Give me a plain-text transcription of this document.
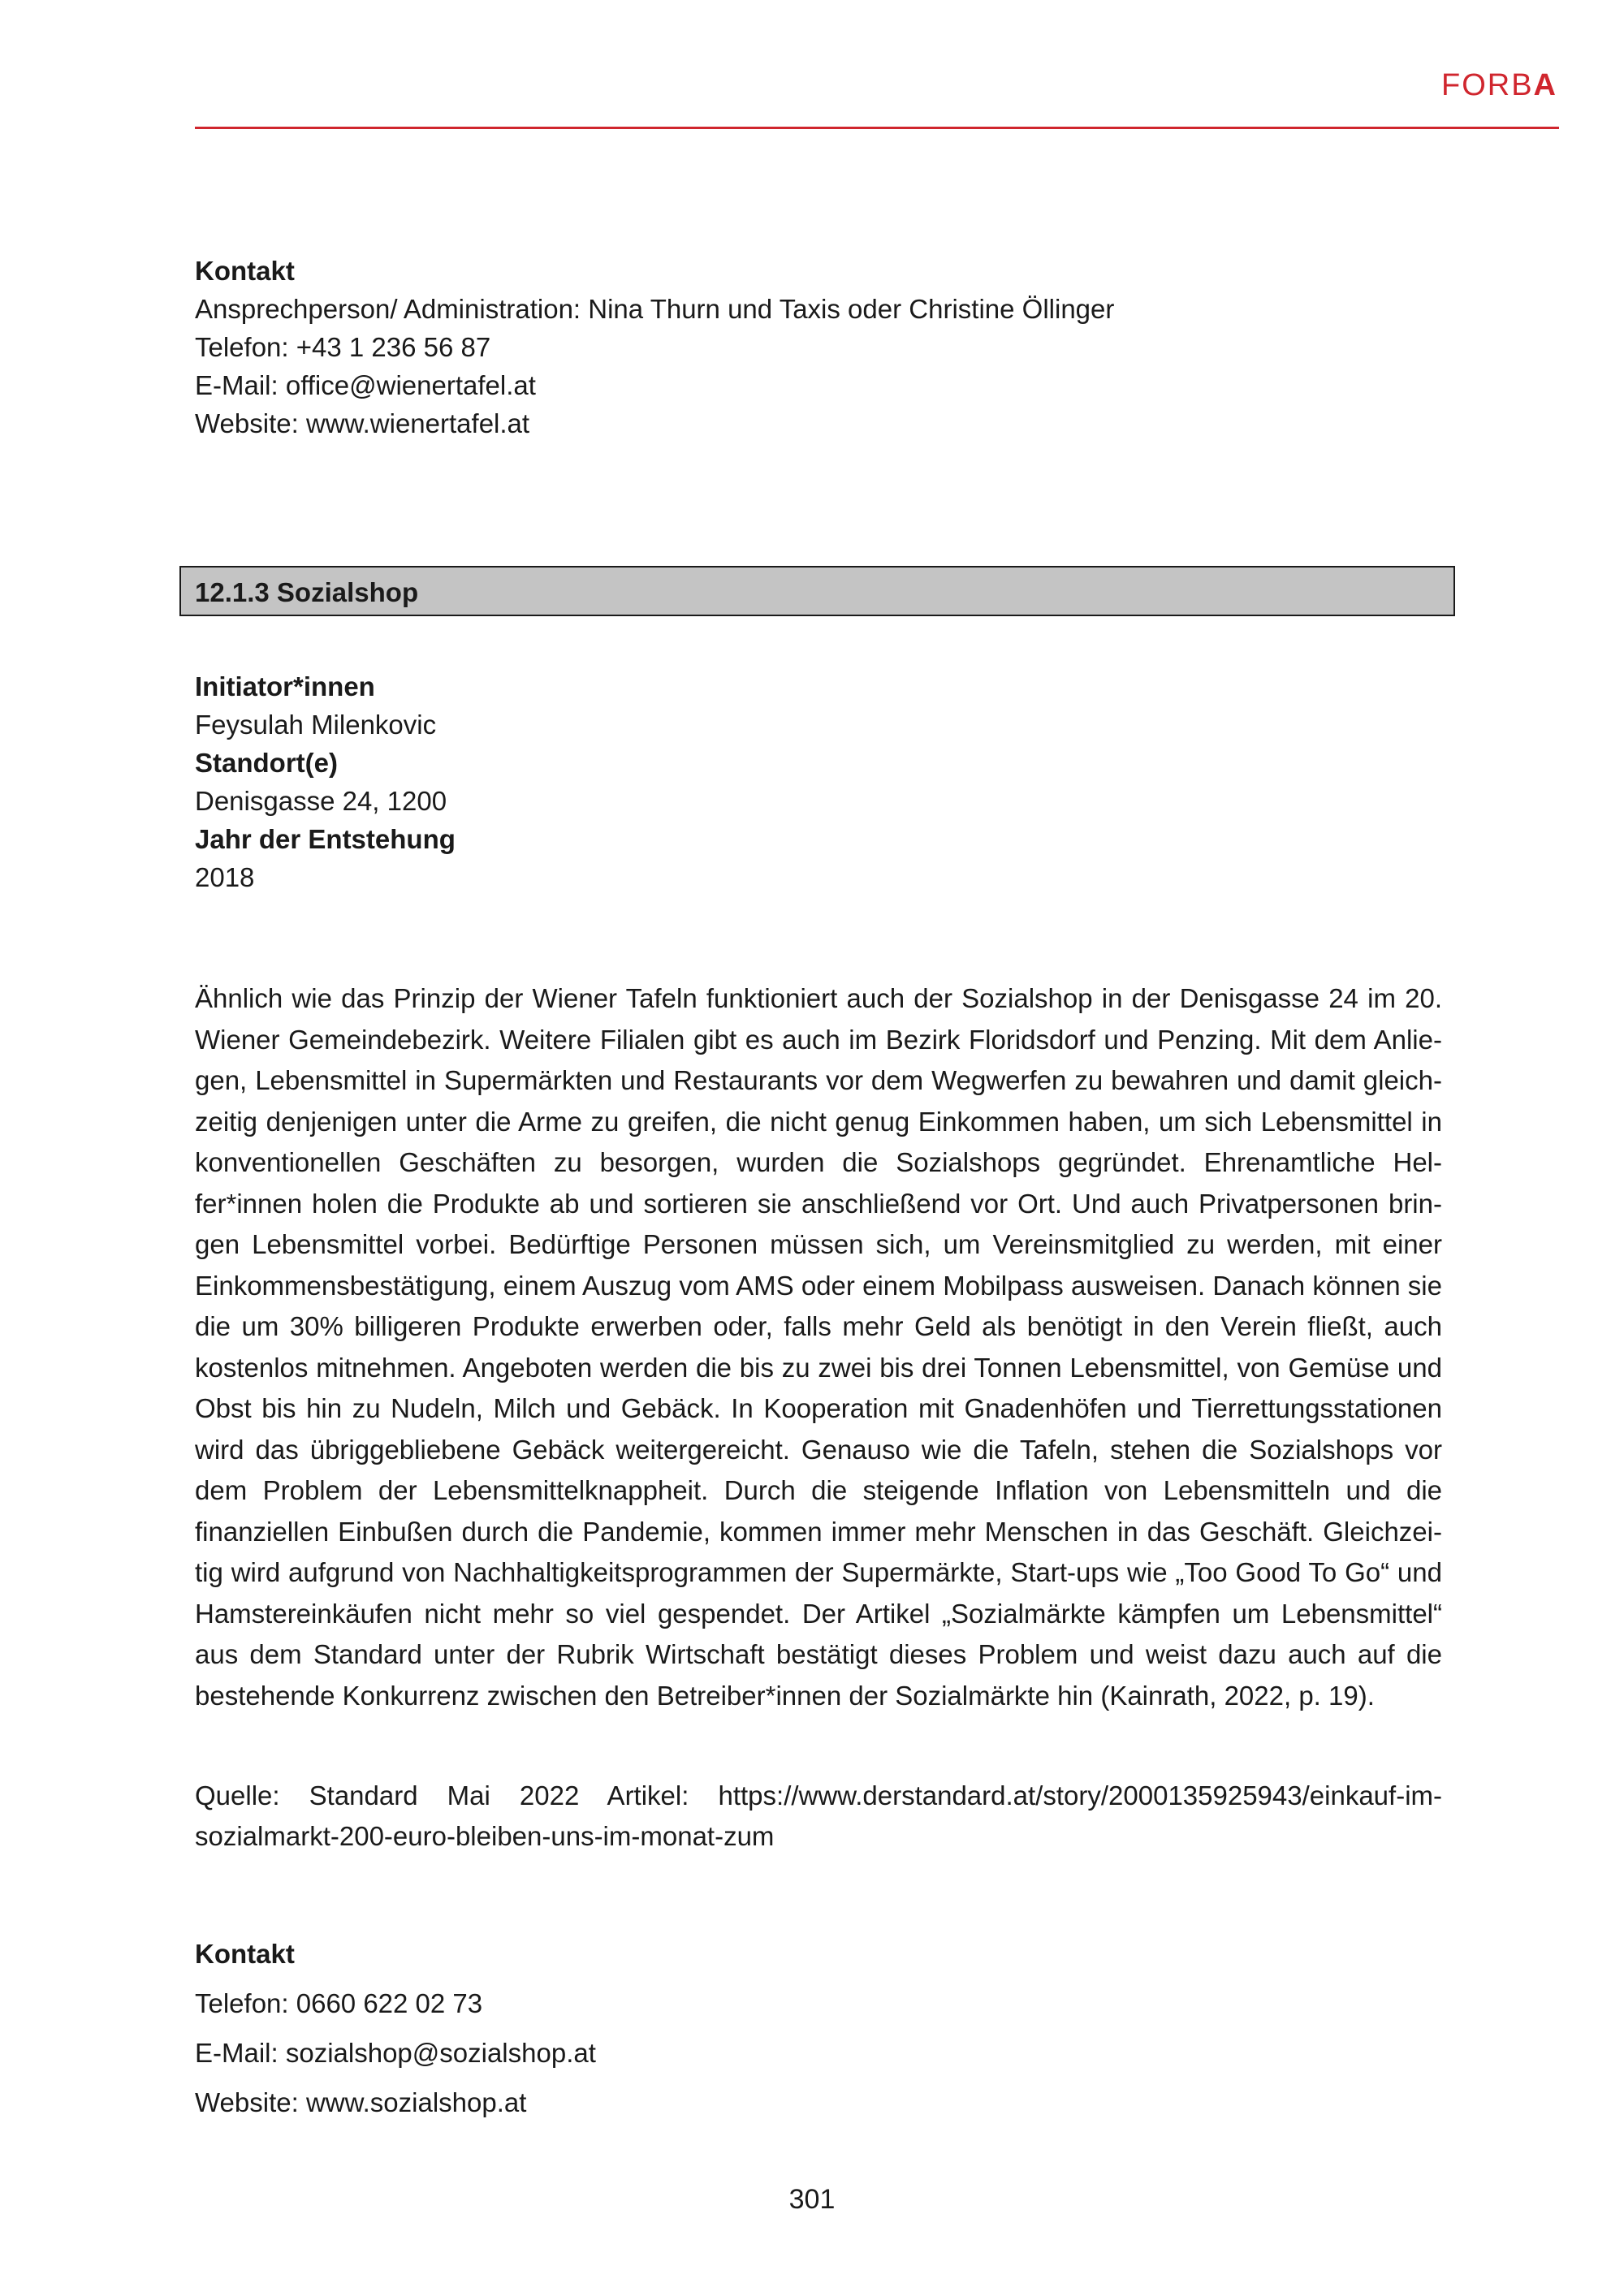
FORBA
Kontakt
Ansprechperson/ Administration: Nina Thurn und Taxis oder Christine Öllinger
Telefon: +43 1 236 56 87
E-Mail: office@wienertafel.at
Website: www.wienertafel.at
12.1.3 Sozialshop
Initiator*innen
Feysulah Milenkovic
Standort(e)
Denisgasse 24, 1200
Jahr der Entstehung
2018
Ähnlich wie das Prinzip der Wiener Tafeln funktioniert auch der Sozialshop in der Denisgasse 24 im 20. Wiener Gemeindebezirk. Weitere Filialen gibt es auch im Bezirk Floridsdorf und Penzing. Mit dem Anliegen, Lebensmittel in Supermärkten und Restaurants vor dem Wegwerfen zu bewahren und damit gleichzeitig denjenigen unter die Arme zu greifen, die nicht genug Einkommen haben, um sich Lebensmittel in konventionellen Geschäften zu besorgen, wurden die Sozialshops gegründet. Ehrenamtliche Helfer*innen holen die Produkte ab und sortieren sie anschließend vor Ort. Und auch Privatpersonen bringen Lebensmittel vorbei. Bedürftige Personen müssen sich, um Vereinsmitglied zu werden, mit einer Einkommensbestätigung, einem Auszug vom AMS oder einem Mobilpass ausweisen. Danach können sie die um 30% billigeren Produkte erwerben oder, falls mehr Geld als benötigt in den Verein fließt, auch kostenlos mitnehmen. Angeboten werden die bis zu zwei bis drei Tonnen Lebensmittel, von Gemüse und Obst bis hin zu Nudeln, Milch und Gebäck. In Kooperation mit Gnadenhöfen und Tierrettungsstationen wird das übriggebliebene Gebäck weitergereicht. Genauso wie die Tafeln, stehen die Sozialshops vor dem Problem der Lebensmittelknappheit. Durch die steigende Inflation von Lebensmitteln und die finanziellen Einbußen durch die Pandemie, kommen immer mehr Menschen in das Geschäft. Gleichzeitig wird aufgrund von Nachhaltigkeitsprogrammen der Supermärkte, Start-ups wie „Too Good To Go“ und Hamstereinkäufen nicht mehr so viel gespendet. Der Artikel „Sozialmärkte kämpfen um Lebensmittel“ aus dem Standard unter der Rubrik Wirtschaft bestätigt dieses Problem und weist dazu auch auf die bestehende Konkurrenz zwischen den Betreiber*innen der Sozialmärkte hin (Kainrath, 2022, p. 19).
Quelle: Standard Mai 2022 Artikel: https://www.derstandard.at/story/2000135925943/einkauf-im-
sozialmarkt-200-euro-bleiben-uns-im-monat-zum
Kontakt
Telefon: 0660 622 02 73
E-Mail: sozialshop@sozialshop.at
Website: www.sozialshop.at
301
